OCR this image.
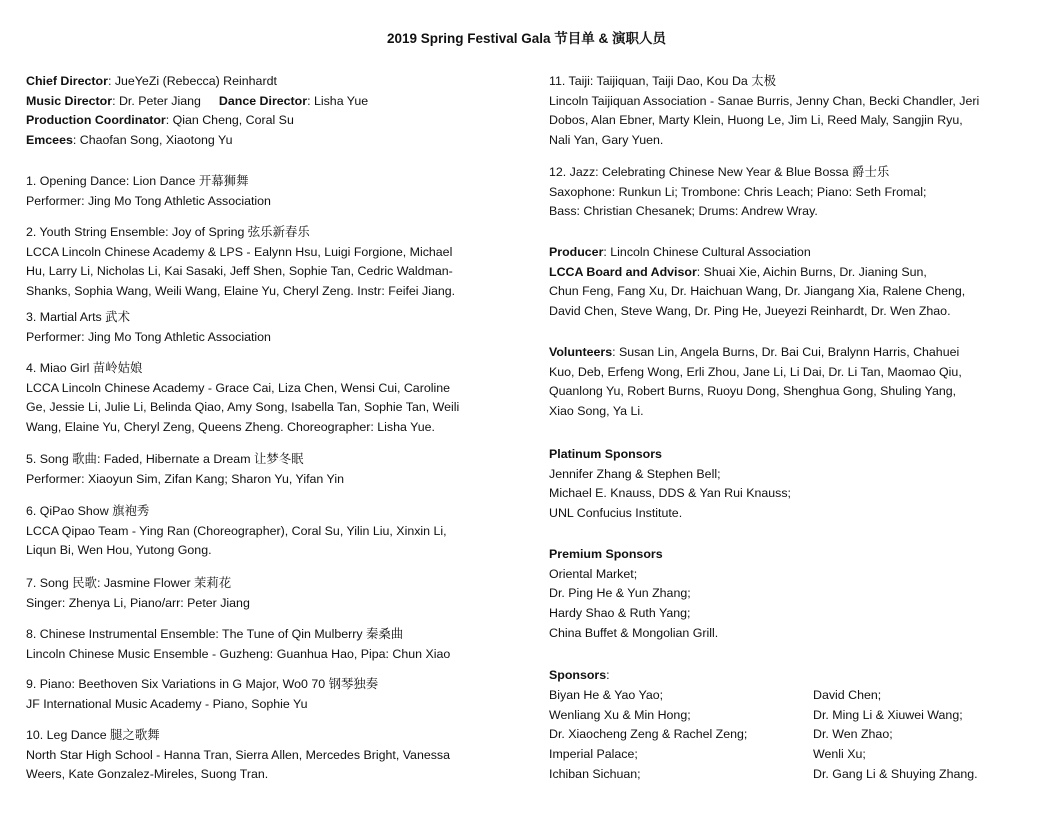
2019 Spring Festival Gala 节目单 & 演职人员

Chief Director: JueYeZi (Rebecca) Reinhardt

Music Director: Dr. Peter Jiang Dance Director: Lisha Yue

Production Coordinator: Qian Cheng, Coral Su

Emcees: Chaofan Song, Xiaotong Yu

1. Opening Dance: Lion Dance 开幕狮舞

Performer: Jing Mo Tong Athletic Association

2. Youth String Ensemble: Joy of Spring 弦乐新春乐

LCCA Lincoln Chinese Academy & LPS - Ealynn Hsu, Luigi Forgione, Michael

Hu, Larry Li, Nicholas Li, Kai Sasaki, Jeff Shen, Sophie Tan, Cedric Waldman-

Shanks, Sophia Wang, Weili Wang, Elaine Yu, Cheryl Zeng. Instr: Feifei Jiang.

3. Martial Arts 武术

Performer: Jing Mo Tong Athletic Association

4. Miao Girl 苗岭姑娘

LCCA Lincoln Chinese Academy - Grace Cai, Liza Chen, Wensi Cui, Caroline

Ge, Jessie Li, Julie Li, Belinda Qiao, Amy Song, Isabella Tan, Sophie Tan, Weili

Wang, Elaine Yu, Cheryl Zeng, Queens Zheng. Choreographer: Lisha Yue.

5. Song 歌曲: Faded, Hibernate a Dream 让梦冬眠

Performer: Xiaoyun Sim, Zifan Kang; Sharon Yu, Yifan Yin

6. QiPao Show 旗袍秀

LCCA Qipao Team - Ying Ran (Choreographer), Coral Su, Yilin Liu, Xinxin Li,

Liqun Bi, Wen Hou, Yutong Gong.

7. Song 民歌: Jasmine Flower 茉莉花

Singer: Zhenya Li, Piano/arr: Peter Jiang

8. Chinese Instrumental Ensemble: The Tune of Qin Mulberry 秦桑曲

Lincoln Chinese Music Ensemble - Guzheng: Guanhua Hao, Pipa: Chun Xiao

9. Piano: Beethoven Six Variations in G Major, Wo0 70 钢琴独奏

JF International Music Academy - Piano, Sophie Yu

10. Leg Dance 腿之歌舞

North Star High School - Hanna Tran, Sierra Allen, Mercedes Bright, Vanessa

Weers, Kate Gonzalez-Mireles, Suong Tran.

11. Taiji: Taijiquan, Taiji Dao, Kou Da 太极

Lincoln Taijiquan Association - Sanae Burris, Jenny Chan, Becki Chandler, Jeri

Dobos, Alan Ebner, Marty Klein, Huong Le, Jim Li, Reed Maly, Sangjin Ryu,

Nali Yan, Gary Yuen.

12. Jazz: Celebrating Chinese New Year & Blue Bossa 爵士乐

Saxophone: Runkun Li; Trombone: Chris Leach; Piano: Seth Fromal;

Bass: Christian Chesanek; Drums: Andrew Wray.

Producer: Lincoln Chinese Cultural Association

LCCA Board and Advisor: Shuai Xie, Aichin Burns, Dr. Jianing Sun,

Chun Feng, Fang Xu, Dr. Haichuan Wang, Dr. Jiangang Xia, Ralene Cheng,

David Chen, Steve Wang, Dr. Ping He, Jueyezi Reinhardt, Dr. Wen Zhao.

Volunteers: Susan Lin, Angela Burns, Dr. Bai Cui, Bralynn Harris, Chahuei

Kuo, Deb, Erfeng Wong, Erli Zhou, Jane Li, Li Dai, Dr. Li Tan, Maomao Qiu,

Quanlong Yu, Robert Burns, Ruoyu Dong, Shenghua Gong, Shuling Yang,

Xiao Song, Ya Li.

Platinum Sponsors

Jennifer Zhang & Stephen Bell;

Michael E. Knauss, DDS & Yan Rui Knauss;

UNL Confucius Institute.

Premium Sponsors

Oriental Market;

Dr. Ping He & Yun Zhang;

Hardy Shao & Ruth Yang;

China Buffet & Mongolian Grill.

Sponsors:

Biyan He & Yao Yao;

Wenliang Xu & Min Hong;

Dr. Xiaocheng Zeng & Rachel Zeng;

Imperial Palace;

Ichiban Sichuan;

David Chen;

Dr. Ming Li & Xiuwei Wang;

Dr. Wen Zhao;

Wenli Xu;

Dr. Gang Li & Shuying Zhang.
